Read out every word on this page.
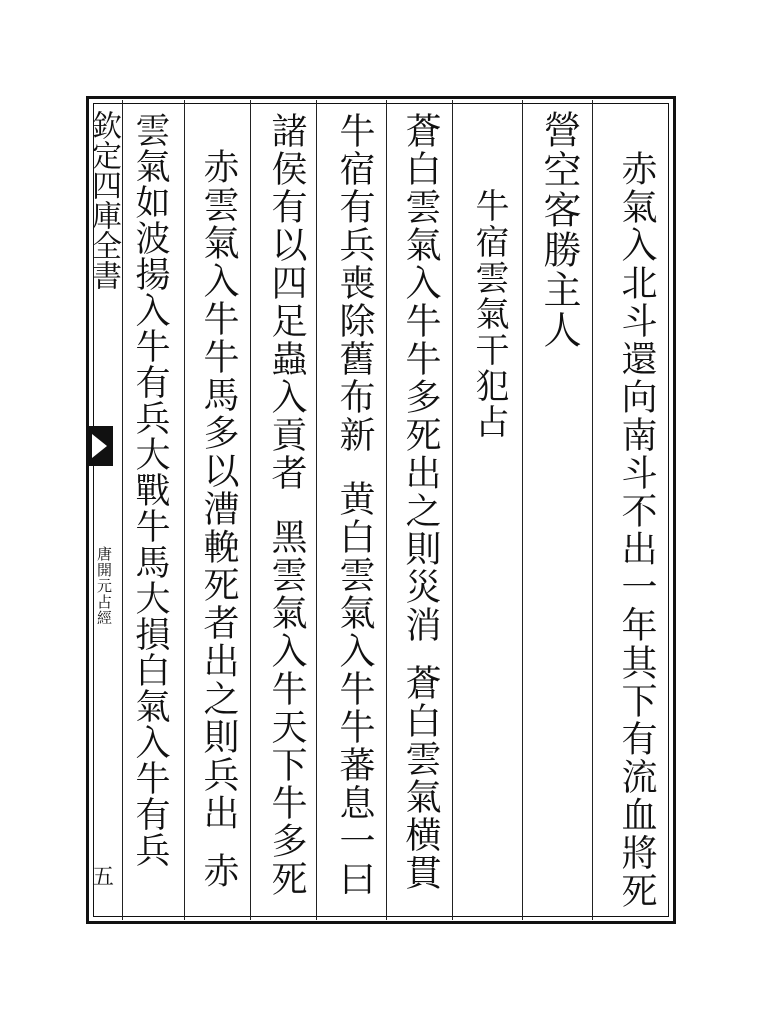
欽定四庫全書
唐開元占經
五	赤氣入北斗還向南斗不出一年其下有流血將死
營空客勝主人
牛宿雲氣干犯占
蒼白雲氣入牛牛多死出之則災消蒼白雲氣横貫
牛宿有兵喪除舊布新黄白雲氣入牛牛蕃息一曰
諸侯有以四足蟲入貢者黑雲氣入牛天下牛多死
赤雲氣入牛牛馬多以漕輓死者出之則兵出赤
雲氣如波揚入牛有兵大戰牛馬大損白氣入牛有兵
